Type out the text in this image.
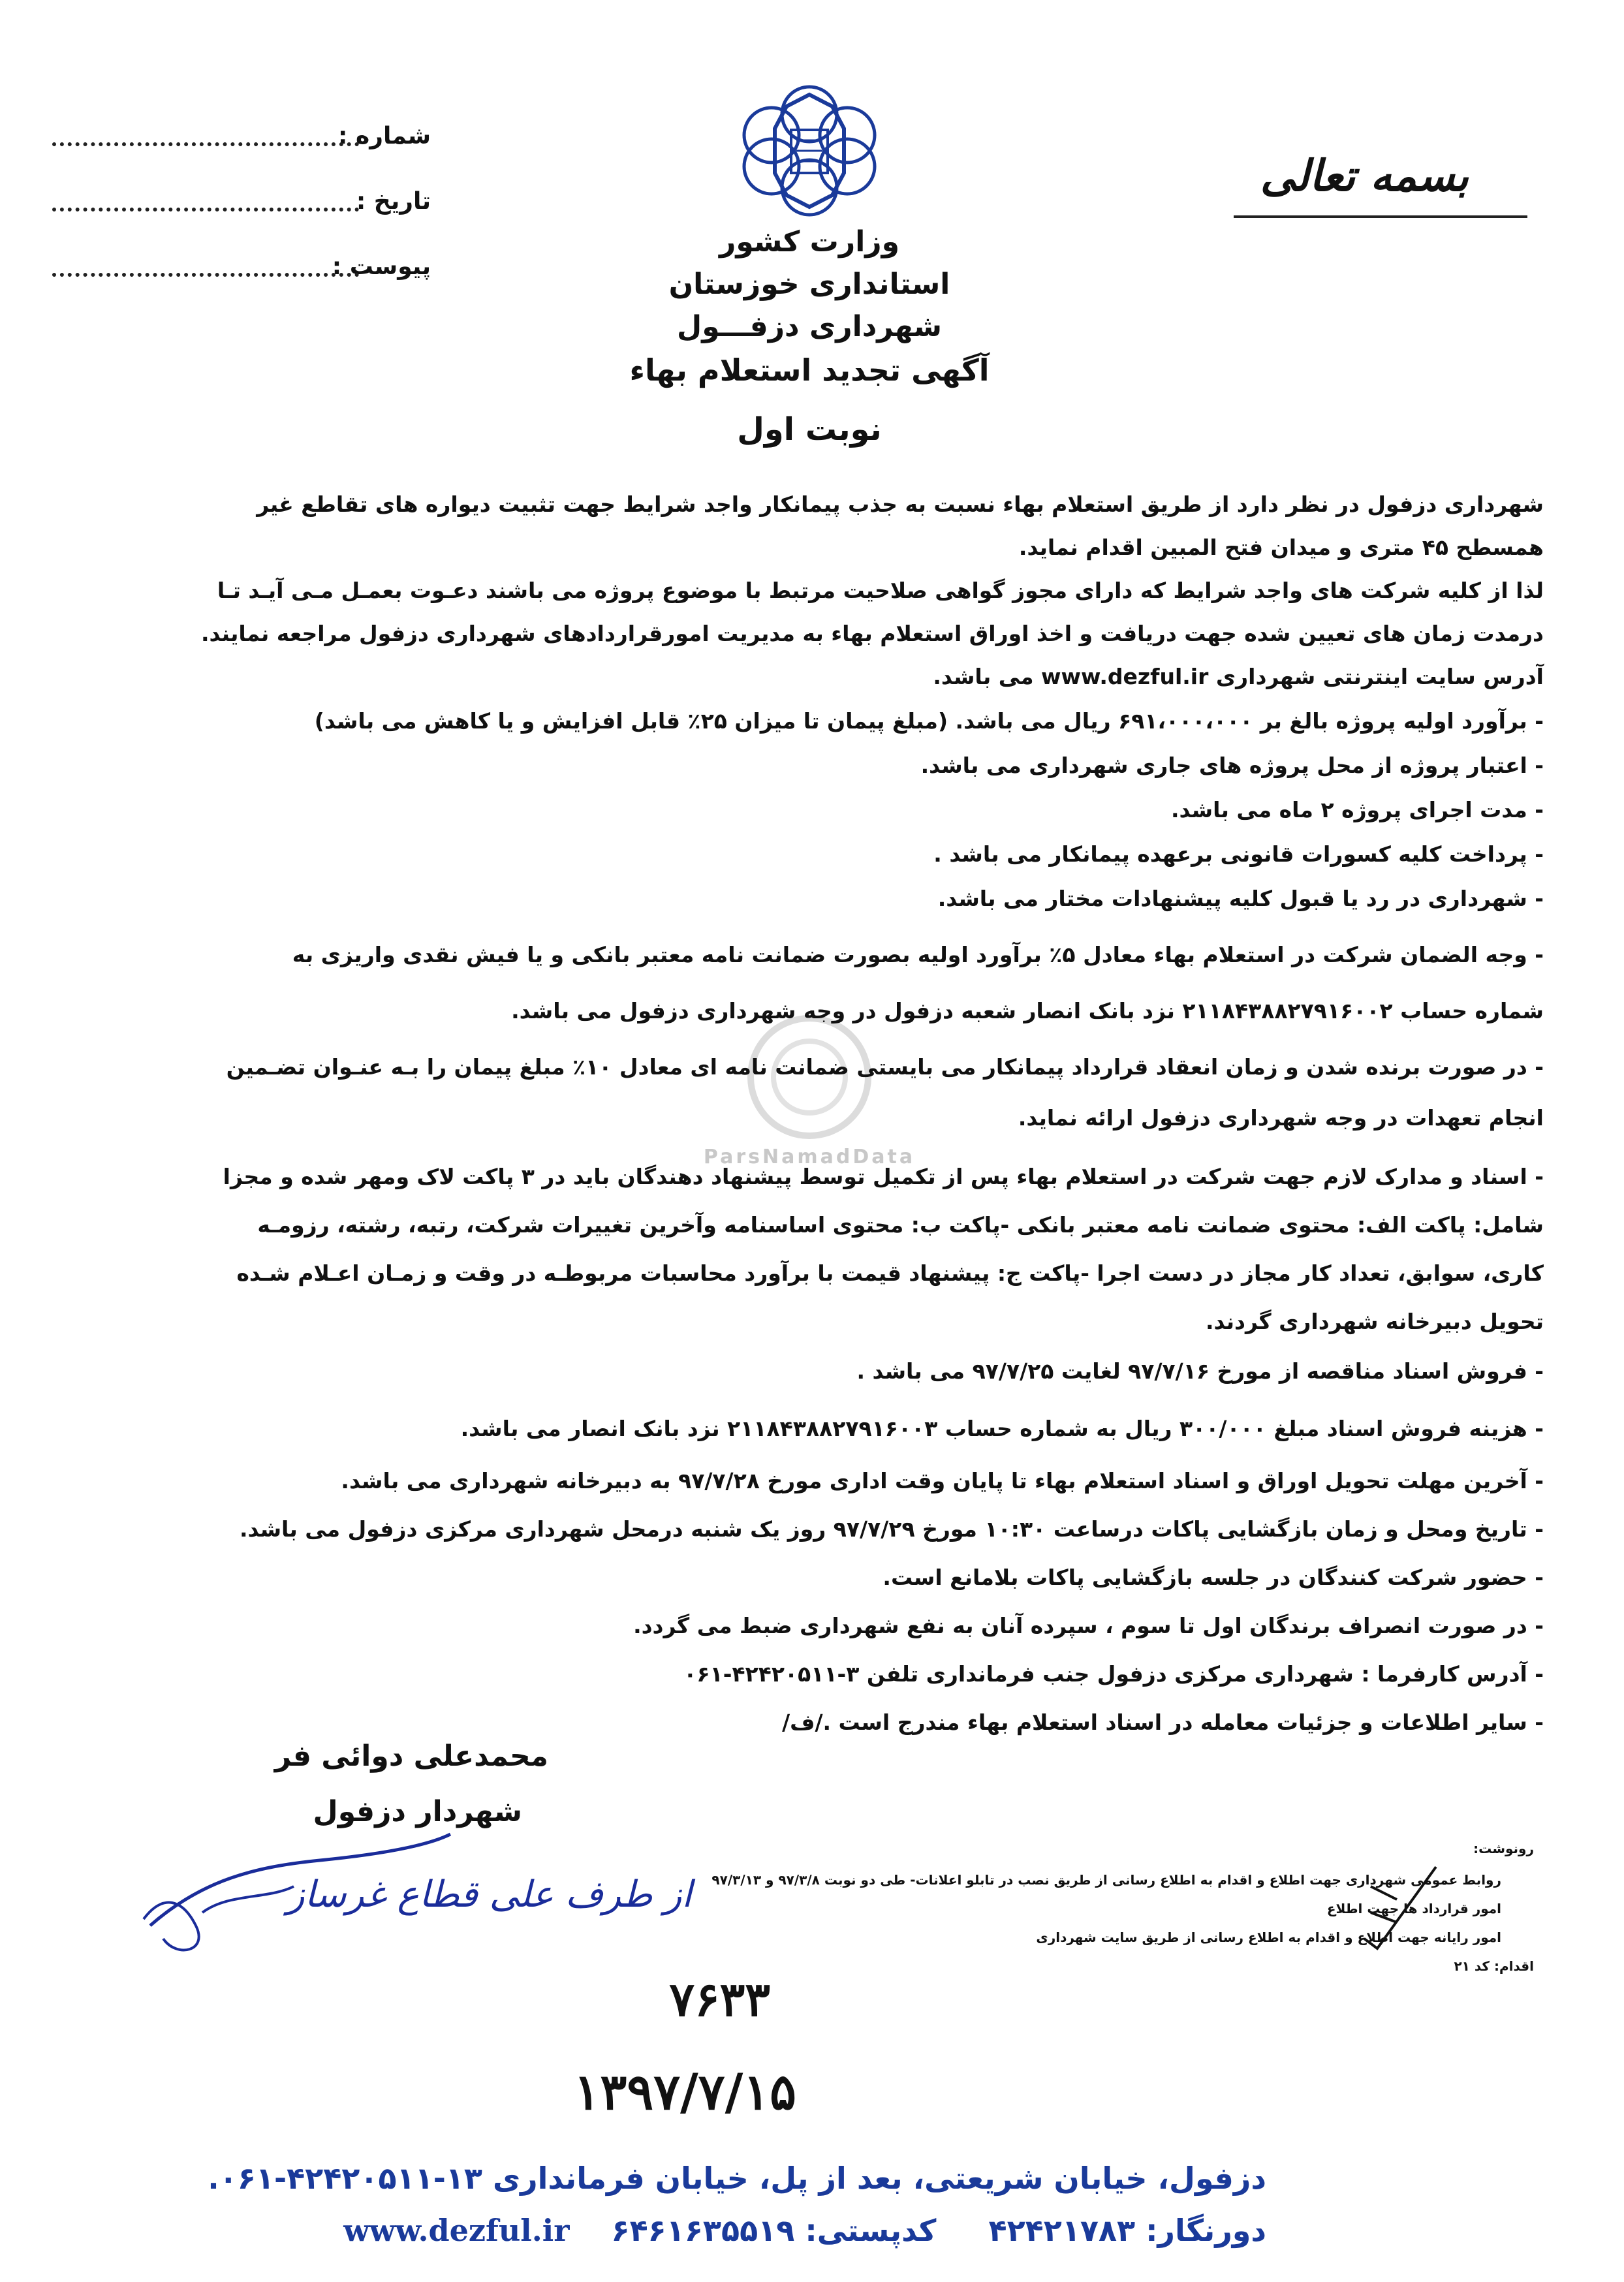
شماره :
تاریخ :
پیوست :
بسمه تعالی
وزارت کشور
استانداری خوزستان
شهرداری دزفـــول
آگهی تجدید استعلام بهاء
نوبت اول
ParsNamadData
شهرداری دزفول در نظر دارد از طریق استعلام بهاء نسبت به جذب پیمانکار واجد شرایط جهت تثبیت دیواره های تقاطع غیر
همسطح ۴۵ متری و میدان فتح المبین اقدام نماید.
لذا از کلیه شرکت های واجد شرایط که دارای مجوز گواهی صلاحیت مرتبط با موضوع پروژه می باشند دعـوت بعمـل مـی آیـد تـا
درمدت زمان های تعیین شده جهت دریافت و اخذ اوراق استعلام بهاء به مدیریت امورقراردادهای شهرداری دزفول مراجعه نمایند.
آدرس سایت اینترنتی شهرداری www.dezful.ir می باشد.
- برآورد اولیه پروژه بالغ بر ۶۹۱،۰۰۰،۰۰۰ ریال می باشد. (مبلغ پیمان تا میزان ۲۵٪ قابل افزایش و یا کاهش می باشد)
- اعتبار پروژه از محل پروژه های جاری شهرداری می باشد.
- مدت اجرای پروژه ۲ ماه می باشد.
- پرداخت کلیه کسورات قانونی برعهده پیمانکار می باشد .
- شهرداری در رد یا قبول کلیه پیشنهادات مختار می باشد.
- وجه الضمان شرکت در استعلام بهاء معادل ۵٪ برآورد اولیه بصورت ضمانت نامه معتبر بانکی و یا فیش نقدی واریزی به
شماره حساب ۲۱۱۸۴۳۸۸۲۷۹۱۶۰۰۲ نزد بانک انصار شعبه دزفول در وجه شهرداری دزفول می باشد.
- در صورت برنده شدن و زمان انعقاد قرارداد پیمانکار می بایستی ضمانت نامه ای معادل ۱۰٪ مبلغ پیمان را بـه عنـوان تضـمین
انجام تعهدات در وجه شهرداری دزفول ارائه نماید.
- اسناد و مدارک لازم جهت شرکت در استعلام بهاء پس از تکمیل توسط پیشنهاد دهندگان باید در ۳ پاکت لاک ومهر شده و مجزا
شامل: پاکت الف: محتوی ضمانت نامه معتبر بانکی -پاکت ب: محتوی اساسنامه وآخرین تغییرات شرکت، رتبه، رشته، رزومـه
کاری، سوابق، تعداد کار مجاز در دست اجرا -پاکت ج: پیشنهاد قیمت با برآورد محاسبات مربوطـه در وقت و زمـان اعـلام شـده
تحویل دبیرخانه شهرداری گردند.
- فروش اسناد مناقصه از مورخ ۹۷/۷/۱۶ لغایت ۹۷/۷/۲۵ می باشد .
- هزینه فروش اسناد مبلغ ۳۰۰/۰۰۰ ریال به شماره حساب ۲۱۱۸۴۳۸۸۲۷۹۱۶۰۰۳ نزد بانک انصار می باشد.
- آخرین مهلت تحویل اوراق و اسناد استعلام بهاء تا پایان وقت اداری مورخ ۹۷/۷/۲۸ به دبیرخانه شهرداری می باشد.
- تاریخ ومحل و زمان بازگشایی پاکات درساعت ۱۰:۳۰ مورخ ۹۷/۷/۲۹ روز یک شنبه درمحل شهرداری مرکزی دزفول می باشد.
- حضور شرکت کنندگان در جلسه بازگشایی پاکات بلامانع است.
- در صورت انصراف برندگان اول تا سوم ، سپرده آنان به نفع شهرداری ضبط می گردد.
- آدرس کارفرما : شهرداری مرکزی دزفول جنب فرمانداری تلفن ۳-۴۲۴۲۰۵۱۱-۰۶۱
- سایر اطلاعات و جزئیات معامله در اسناد استعلام بهاء مندرج است ./ف/
محمدعلی دوائی فر
شهردار دزفول
از طرف علی قطاع غرساز
رونوشت:
روابط عمومی شهرداری جهت اطلاع و اقدام به اطلاع رسانی از طریق نصب در تابلو اعلانات- طی دو نوبت ۹۷/۳/۸ و ۹۷/۳/۱۳
امور قرارداد ها جهت اطلاع
امور رایانه جهت اطلاع و اقدام به اطلاع رسانی از طریق سایت شهرداری
اقدام: کد ۲۱
۷۶۳۳
۱۳۹۷/۷/۱۵
دزفول، خیابان شریعتی، بعد از پل، خیابان فرمانداری ۱۳-۴۲۴۲۰۵۱۱-۰۶۱.
دورنگار: ۴۲۴۲۱۷۸۳     کدپستی: ۶۴۶۱۶۳۵۵۱۹    www.dezful.ir
